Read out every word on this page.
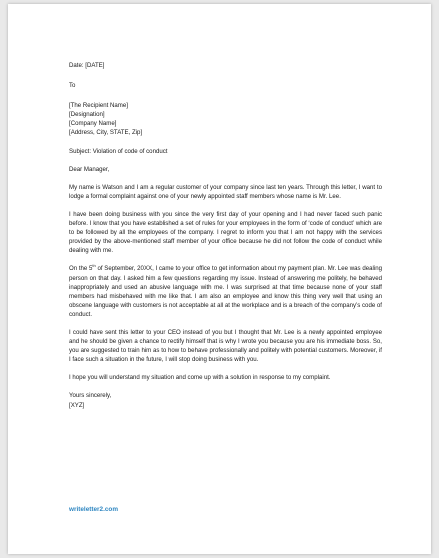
Date: [DATE]

To

[The Recipient Name]
[Designation]
[Company Name]
[Address, City, STATE, Zip]

Subject: Violation of code of conduct

Dear Manager,

My name is Watson and I am a regular customer of your company since last ten years. Through this letter, I want to lodge a formal complaint against one of your newly appointed staff members whose name is Mr. Lee.

I have been doing business with you since the very first day of your opening and I had never faced such panic before. I know that you have established a set of rules for your employees in the form of ‘code of conduct’ which are to be followed by all the employees of the company. I regret to inform you that I am not happy with the services provided by the above-mentioned staff member of your office because he did not follow the code of conduct while dealing with me.

On the 5th of September, 20XX, I came to your office to get information about my payment plan. Mr. Lee was dealing person on that day. I asked him a few questions regarding my issue. Instead of answering me politely, he behaved inappropriately and used an abusive language with me. I was surprised at that time because none of your staff members had misbehaved with me like that. I am also an employee and know this thing very well that using an obscene language with customers is not acceptable at all at the workplace and is a breach of the company’s code of conduct.

I could have sent this letter to your CEO instead of you but I thought that Mr. Lee is a newly appointed employee and he should be given a chance to rectify himself that is why I wrote you because you are his immediate boss. So, you are suggested to train him as to how to behave professionally and politely with potential customers. Moreover, if I face such a situation in the future, I will stop doing business with you.

I hope you will understand my situation and come up with a solution in response to my complaint.

Yours sincerely,

[XYZ]

writeletter2.com
